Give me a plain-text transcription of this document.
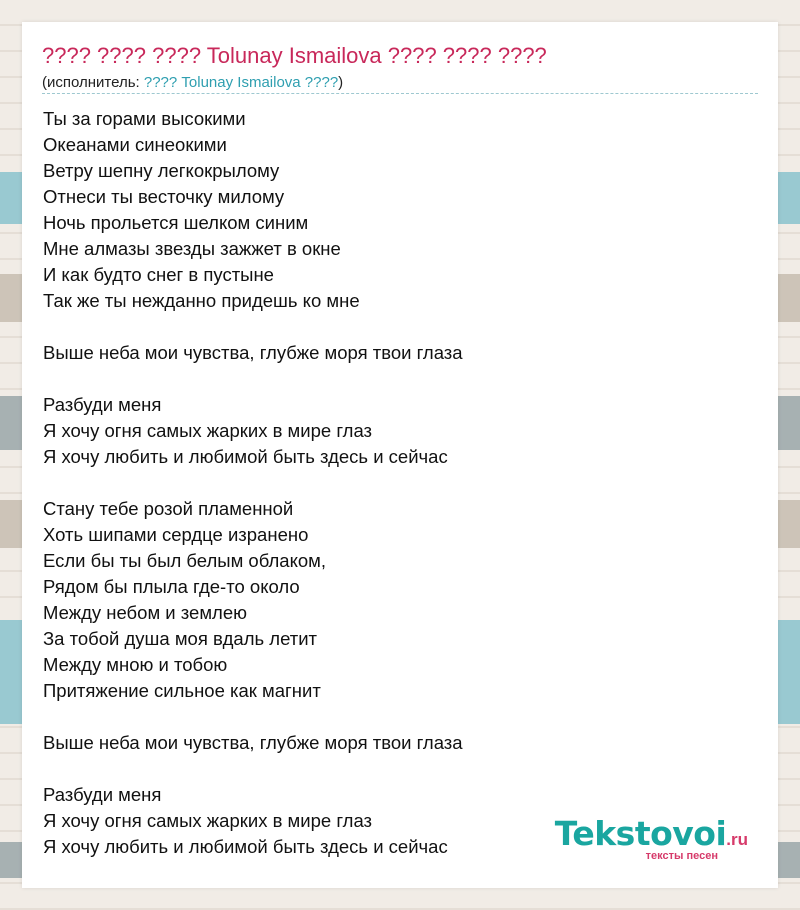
???? ???? ???? Tolunay Ismailova ???? ???? ????
(исполнитель: ???? Tolunay Ismailova ????)
Ты за горами высокими
Океанами синеокими
Ветру шепну легкокрылому
Отнеси ты весточку милому
Ночь прольется шелком синим
Мне алмазы звезды зажжет в окне
И как будто снег в пустыне
Так же ты нежданно придешь ко мне
Выше неба мои чувства, глубже моря твои глаза
Разбуди меня
Я хочу огня самых жарких в мире глаз
Я хочу любить и любимой быть здесь и сейчас
Стану тебе розой пламенной
Хоть шипами сердце изранено
Если бы ты был белым облаком,
Рядом бы плыла где-то около
Между небом и землею
За тобой душа моя вдаль летит
Между мною и тобою
Притяжение сильное как магнит
Выше неба мои чувства, глубже моря твои глаза
Разбуди меня
Я хочу огня самых жарких в мире глаз
Я хочу любить и любимой быть здесь и сейчас	Tekstovoi.ru
тексты песен
